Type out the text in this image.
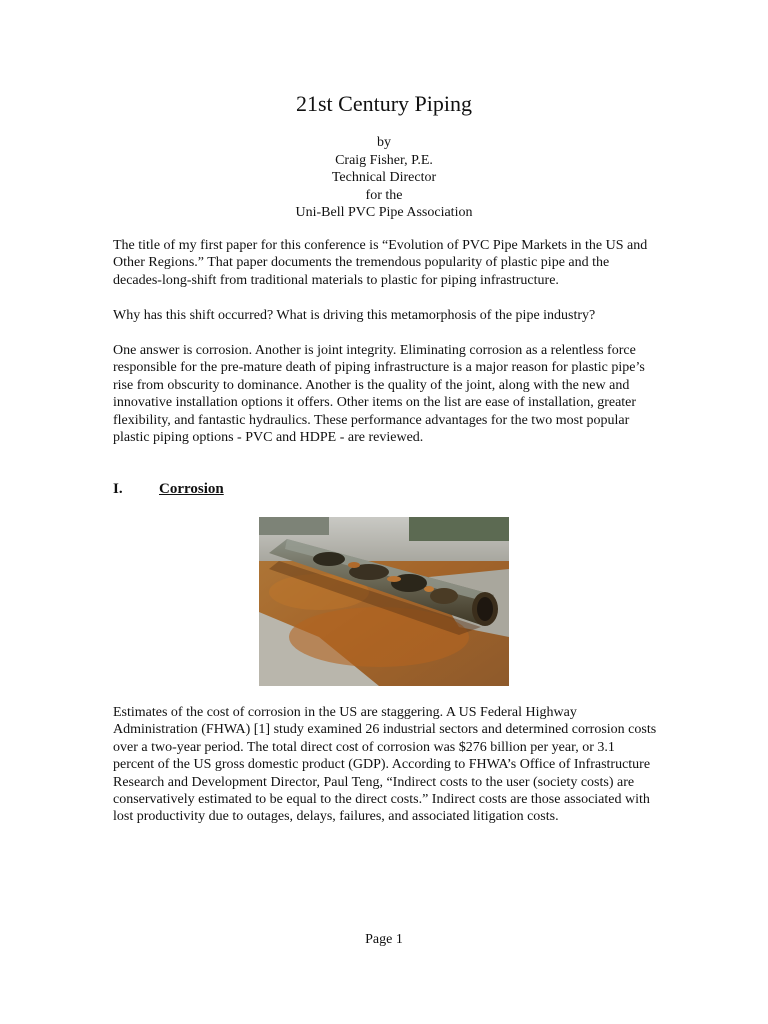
21st Century Piping
by
Craig Fisher, P.E.
Technical Director
for the
Uni-Bell PVC Pipe Association

The title of my first paper for this conference is “Evolution of PVC Pipe Markets in the US and Other Regions.” That paper documents the tremendous popularity of plastic pipe and the decades-long-shift from traditional materials to plastic for piping infrastructure.

Why has this shift occurred? What is driving this metamorphosis of the pipe industry?

One answer is corrosion. Another is joint integrity. Eliminating corrosion as a relentless force responsible for the pre-mature death of piping infrastructure is a major reason for plastic pipe’s rise from obscurity to dominance. Another is the quality of the joint, along with the new and innovative installation options it offers. Other items on the list are ease of installation, greater flexibility, and fantastic hydraulics. These performance advantages for the two most popular plastic piping options - PVC and HDPE - are reviewed.

I. Corrosion

Estimates of the cost of corrosion in the US are staggering. A US Federal Highway Administration (FHWA) [1] study examined 26 industrial sectors and determined corrosion costs over a two-year period. The total direct cost of corrosion was $276 billion per year, or 3.1 percent of the US gross domestic product (GDP). According to FHWA’s Office of Infrastructure Research and Development Director, Paul Teng, “Indirect costs to the user (society costs) are conservatively estimated to be equal to the direct costs.” Indirect costs are those associated with lost productivity due to outages, delays, failures, and associated litigation costs.

Page 1
